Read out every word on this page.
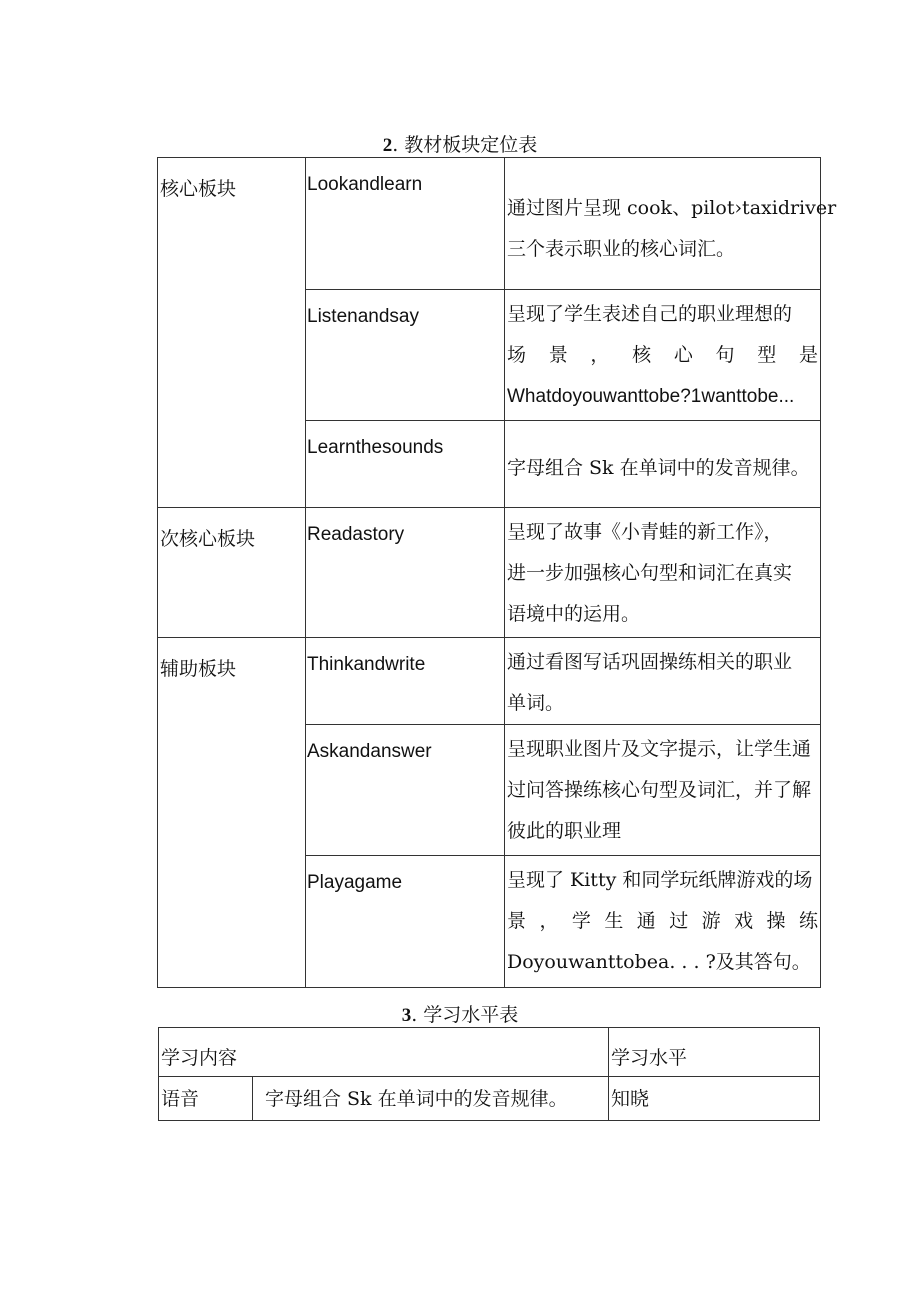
2. 教材板块定位表
核心板块	Lookandlearn	通过图片呈现 cook、pilot›taxidriver
三个表示职业的核心词汇。

	Listenandsay	呈现了学生表述自己的职业理想的
场景，核心句型是
Whatdoyouwanttobe?1wanttobe...

	Learnthesounds	字母组合 Sk 在单词中的发音规律。

次核心板块	Readastory	呈现了故事《小青蛙的新工作》，
进一步加强核心句型和词汇在真实
语境中的运用。

辅助板块	Thinkandwrite	通过看图写话巩固操练相关的职业
单词。

	Askandanswer	呈现职业图片及文字提示，让学生通
过问答操练核心句型及词汇，并了解
彼此的职业理

	Playagame	呈现了 Kitty 和同学玩纸牌游戏的场
景，学生通过游戏操练
Doyouwanttobea. . . ?及其答句。
3. 学习水平表
学习内容		学习水平
语音	字母组合 Sk 在单词中的发音规律。	知晓
